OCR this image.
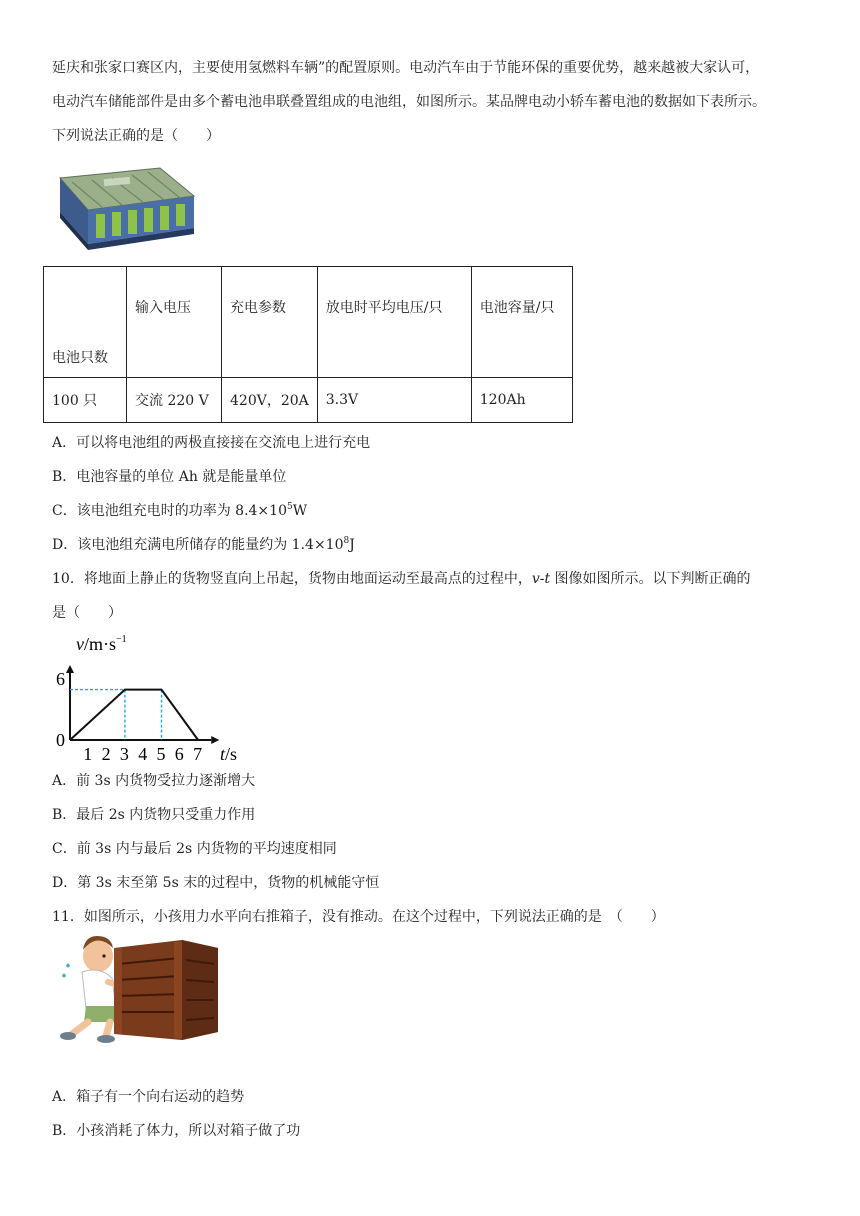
延庆和张家口赛区内，主要使用氢燃料车辆”的配置原则。电动汽车由于节能环保的重要优势，越来越被大家认可，
电动汽车储能部件是由多个蓄电池串联叠置组成的电池组，如图所示。某品牌电动小轿车蓄电池的数据如下表所示。
下列说法正确的是（　　）
电池只数	输入电压	充电参数	放电时平均电压/只	电池容量/只
100 只	交流 220 V	420V，20A	3.3V	120Ah
A．可以将电池组的两极直接接在交流电上进行充电
B．电池容量的单位 Ah 就是能量单位
C．该电池组充电时的功率为 $8.4\times 10^5W$
D．该电池组充满电所储存的能量约为 $1.4\times 10^8J$
10．将地面上静止的货物竖直向上吊起，货物由地面运动至最高点的过程中，v-t 图像如图所示。以下判断正确的
是（　　）
1 2 3 4 5 6 7
$v/m\cdot s^{-1}$
t/s
0
6
A．前 3s 内货物受拉力逐渐增大
B．最后 2s 内货物只受重力作用
C．前 3s 内与最后 2s 内货物的平均速度相同
D．第 3s 末至第 5s 末的过程中，货物的机械能守恒
11．如图所示，小孩用力水平向右推箱子，没有推动。在这个过程中，下列说法正确的是　（　　）
A．箱子有一个向右运动的趋势
B．小孩消耗了体力，所以对箱子做了功
